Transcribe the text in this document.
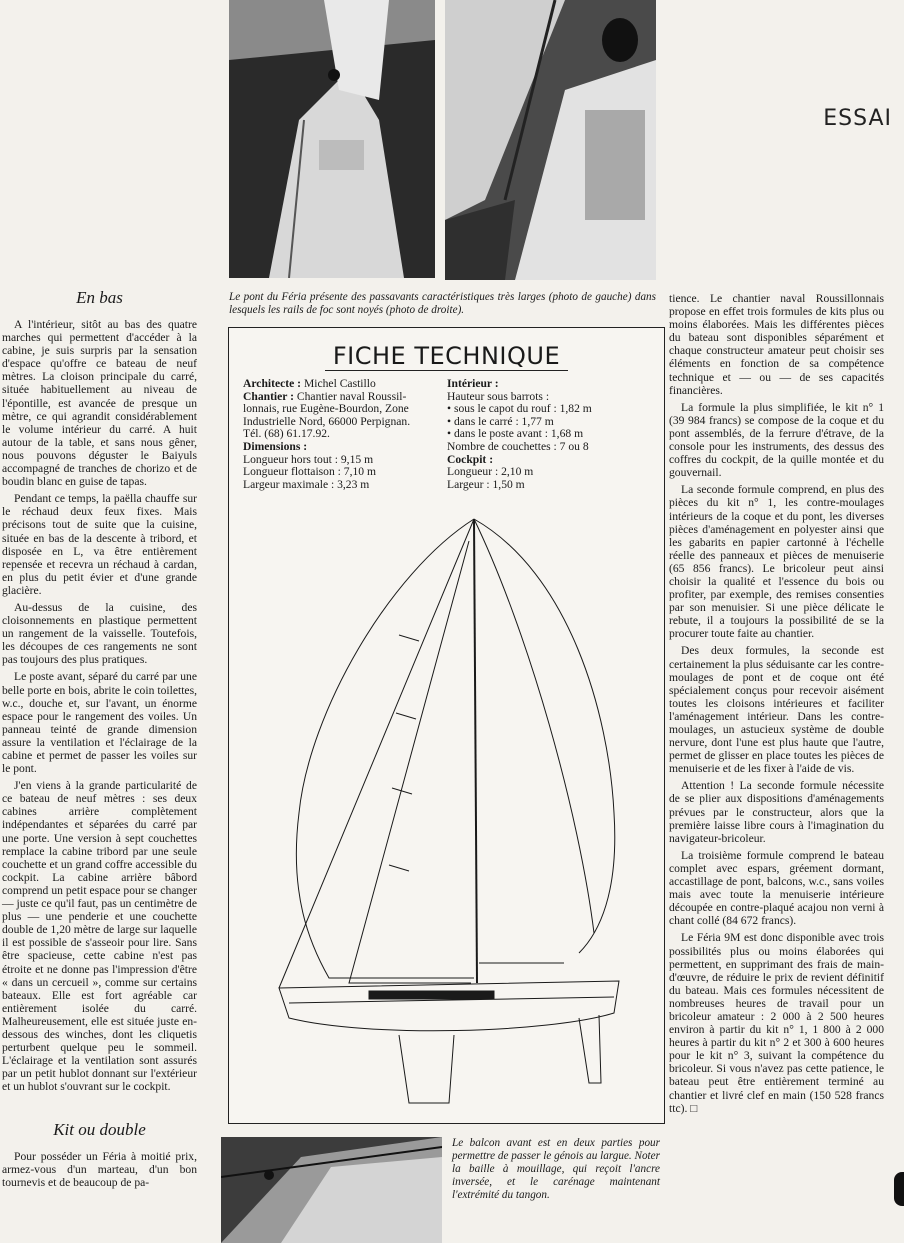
ESSAI
En bas

A l'intérieur, sitôt au bas des quatre marches qui permettent d'accéder à la cabine, je suis surpris par la sensation d'espace qu'offre ce bateau de neuf mètres. La cloison principale du carré, située habituellement au niveau de l'épontille, est avancée de presque un mètre, ce qui agrandit considérablement le volume intérieur du carré. A huit autour de la table, et sans nous gêner, nous pouvons déguster le Baiyuls accompagné de tranches de chorizo et de boudin blanc en guise de tapas.

Pendant ce temps, la paëlla chauffe sur le réchaud deux feux fixes. Mais précisons tout de suite que la cuisine, située en bas de la descente à tribord, et disposée en L, va être entièrement repensée et recevra un réchaud à cardan, en plus du petit évier et d'une grande glacière.

Au-dessus de la cuisine, des cloisonnements en plastique permettent un rangement de la vaisselle. Toutefois, les découpes de ces rangements ne sont pas toujours des plus pratiques.

Le poste avant, séparé du carré par une belle porte en bois, abrite le coin toilettes, w.c., douche et, sur l'avant, un énorme espace pour le rangement des voiles. Un panneau teinté de grande dimension assure la ventilation et l'éclairage de la cabine et permet de passer les voiles sur le pont.

J'en viens à la grande particularité de ce bateau de neuf mètres : ses deux cabines arrière complètement indépendantes et séparées du carré par une porte. Une version à sept couchettes remplace la cabine tribord par une seule couchette et un grand coffre accessible du cockpit. La cabine arrière bâbord comprend un petit espace pour se changer — juste ce qu'il faut, pas un centimètre de plus — une penderie et une couchette double de 1,20 mètre de large sur laquelle il est possible de s'asseoir pour lire. Sans être spacieuse, cette cabine n'est pas étroite et ne donne pas l'impression d'être « dans un cercueil », comme sur certains bateaux. Elle est fort agréable car entièrement isolée du carré. Malheureusement, elle est située juste en-dessous des winches, dont les cliquetis perturbent quelque peu le sommeil. L'éclairage et la ventilation sont assurés par un petit hublot donnant sur l'extérieur et un hublot s'ouvrant sur le cockpit.

Kit ou double

Pour posséder un Féria à moitié prix, armez-vous d'un marteau, d'un bon tournevis et de beaucoup de pa-

Le pont du Féria présente des passavants caractéristiques très larges (photo de gauche) dans lesquels les rails de foc sont noyés (photo de droite).
FICHE TECHNIQUE
Architecte : Michel Castillo
Chantier : Chantier naval Roussil-
lonnais, rue Eugène-Bourdon, Zone
Industrielle Nord, 66000 Perpignan.
Tél. (68) 61.17.92.
Dimensions :
Longueur hors tout : 9,15 m
Longueur flottaison : 7,10 m
Largeur maximale : 3,23 m
Intérieur :
Hauteur sous barrots :
• sous le capot du rouf : 1,82 m
• dans le carré : 1,77 m
• dans le poste avant : 1,68 m
Nombre de couchettes : 7 ou 8
Cockpit :
Longueur : 2,10 m
Largeur : 1,50 m

tience. Le chantier naval Roussillonnais propose en effet trois formules de kits plus ou moins élaborées. Mais les différentes pièces du bateau sont disponibles séparément et chaque constructeur amateur peut choisir ses éléments en fonction de sa compétence technique et — ou — de ses capacités financières.

La formule la plus simplifiée, le kit n° 1 (39 984 francs) se compose de la coque et du pont assemblés, de la ferrure d'étrave, de la console pour les instruments, des dessus des coffres du cockpit, de la quille montée et du gouvernail.

La seconde formule comprend, en plus des pièces du kit n° 1, les contre-moulages intérieurs de la coque et du pont, les diverses pièces d'aménagement en polyester ainsi que les gabarits en papier cartonné à l'échelle réelle des panneaux et pièces de menuiserie (65 856 francs). Le bricoleur peut ainsi choisir la qualité et l'essence du bois ou profiter, par exemple, des remises consenties par son menuisier. Si une pièce délicate le rebute, il a toujours la possibilité de se la procurer toute faite au chantier.

Des deux formules, la seconde est certainement la plus séduisante car les contre-moulages de pont et de coque ont été spécialement conçus pour recevoir aisément toutes les cloisons intérieures et faciliter l'aménagement intérieur. Dans les contre-moulages, un astucieux système de double nervure, dont l'une est plus haute que l'autre, permet de glisser en place toutes les pièces de menuiserie et de les fixer à l'aide de vis.

Attention ! La seconde formule nécessite de se plier aux dispositions d'aménagements prévues par le constructeur, alors que la première laisse libre cours à l'imagination du navigateur-bricoleur.

La troisième formule comprend le bateau complet avec espars, gréement dormant, accastillage de pont, balcons, w.c., sans voiles mais avec toute la menuiserie intérieure découpée en contre-plaqué acajou non verni à chant collé (84 672 francs).

Le Féria 9M est donc disponible avec trois possibilités plus ou moins élaborées qui permettent, en supprimant des frais de main-d'œuvre, de réduire le prix de revient définitif du bateau. Mais ces formules nécessitent de nombreuses heures de travail pour un bricoleur amateur : 2 000 à 2 500 heures environ à partir du kit n° 1, 1 800 à 2 000 heures à partir du kit n° 2 et 300 à 600 heures pour le kit n° 3, suivant la compétence du bricoleur. Si vous n'avez pas cette patience, le bateau peut être entièrement terminé au chantier et livré clef en main (150 528 francs ttc). □

Le balcon avant est en deux parties pour permettre de passer le génois au largue. Noter la baille à mouillage, qui reçoit l'ancre inversée, et le carénage maintenant l'extrémité du tangon.
